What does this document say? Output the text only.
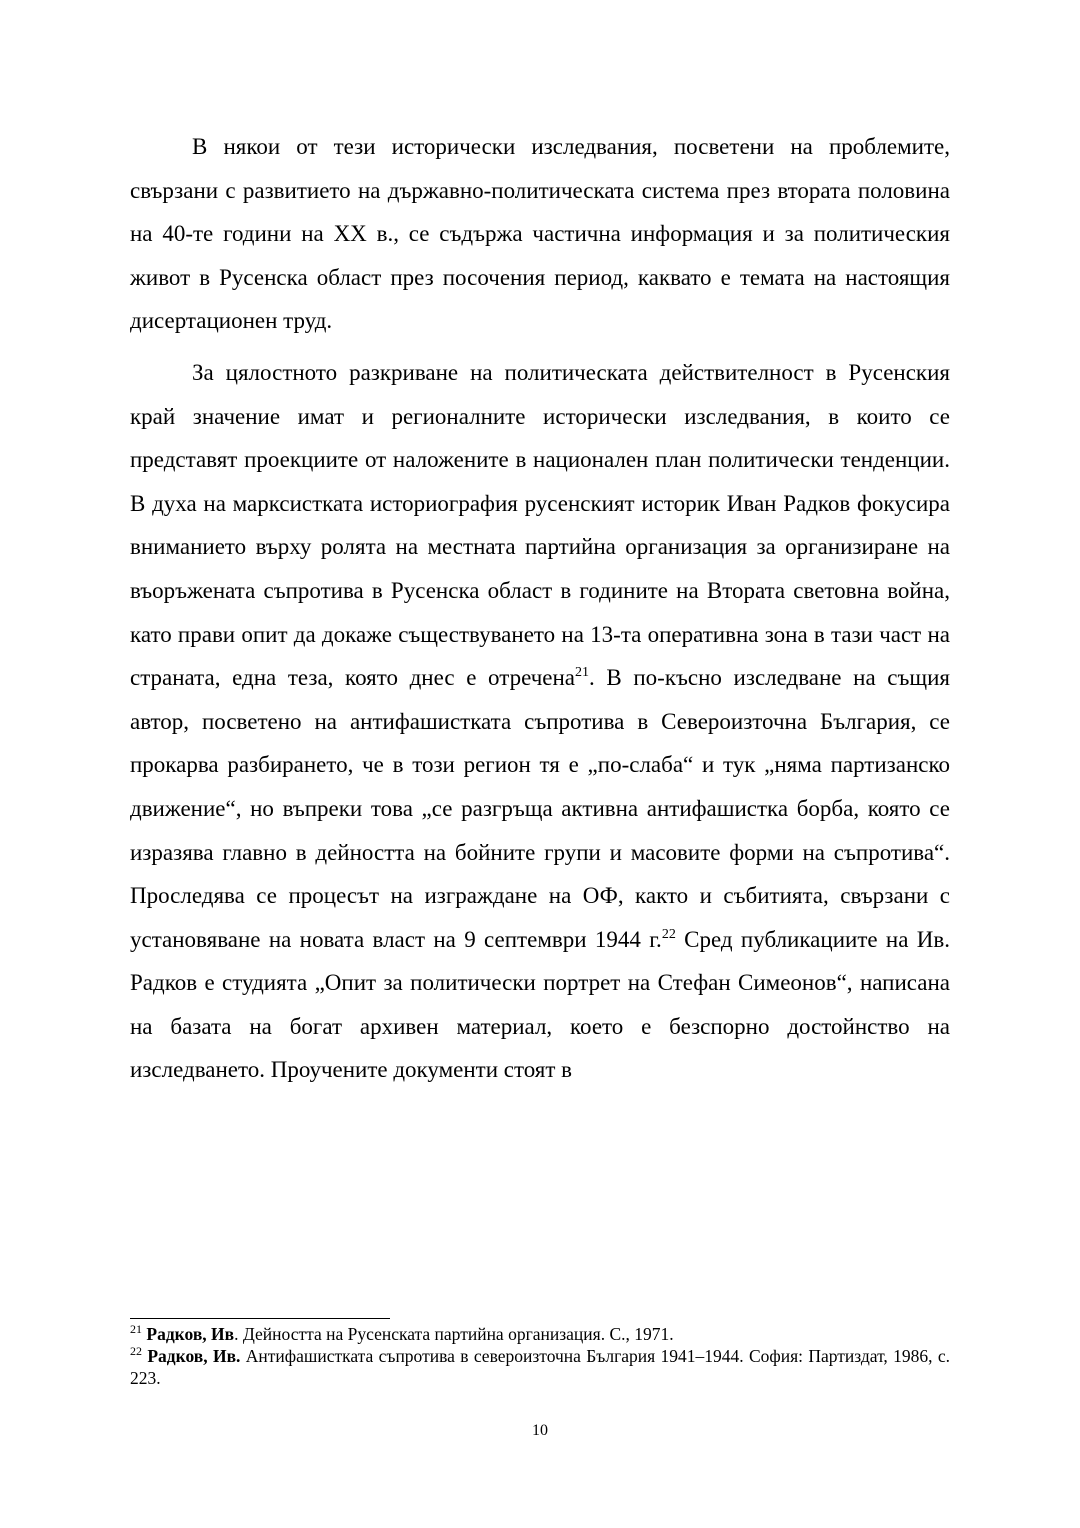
В някои от тези исторически изследвания, посветени на проблемите, свързани с развитието на държавно-политическата система през втората половина на 40-те години на XX в., се съдържа частична информация и за политическия живот в Русенска област през посочения период, каквато е темата на настоящия дисертационен труд.

За цялостното разкриване на политическата действителност в Русенския край значение имат и регионалните исторически изследвания, в които се представят проекциите от наложените в национален план политически тенденции. В духа на марксистката историография русенският историк Иван Радков фокусира вниманието върху ролята на местната партийна организация за организиране на въоръжената съпротива в Русенска област в годините на Втората световна война, като прави опит да докаже съществуването на 13-та оперативна зона в тази част на страната, една теза, която днес е отречена$^{21}$. В по-късно изследване на същия автор, посветено на антифашистката съпротива в Североизточна България, се прокарва разбирането, че в този регион тя е „по-слаба“ и тук „няма партизанско движение“, но въпреки това „се разгръща активна антифашистка борба, която се изразява главно в дейността на бойните групи и масовите форми на съпротива“. Проследява се процесът на изграждане на ОФ, както и събитията, свързани с установяване на новата власт на 9 септември 1944 г.$^{22}$ Сред публикациите на Ив. Радков е студията „Опит за политически портрет на Стефан Симеонов“, написана на базата на богат архивен материал, което е безспорно достойнство на изследването. Проучените документи стоят в

$^{21}$ Радков, Ив. Дейността на Русенската партийна организация. С., 1971.

$^{22}$ Радков, Ив. Антифашистката съпротива в североизточна България 1941–1944. София: Партиздат, 1986, с. 223.

10
